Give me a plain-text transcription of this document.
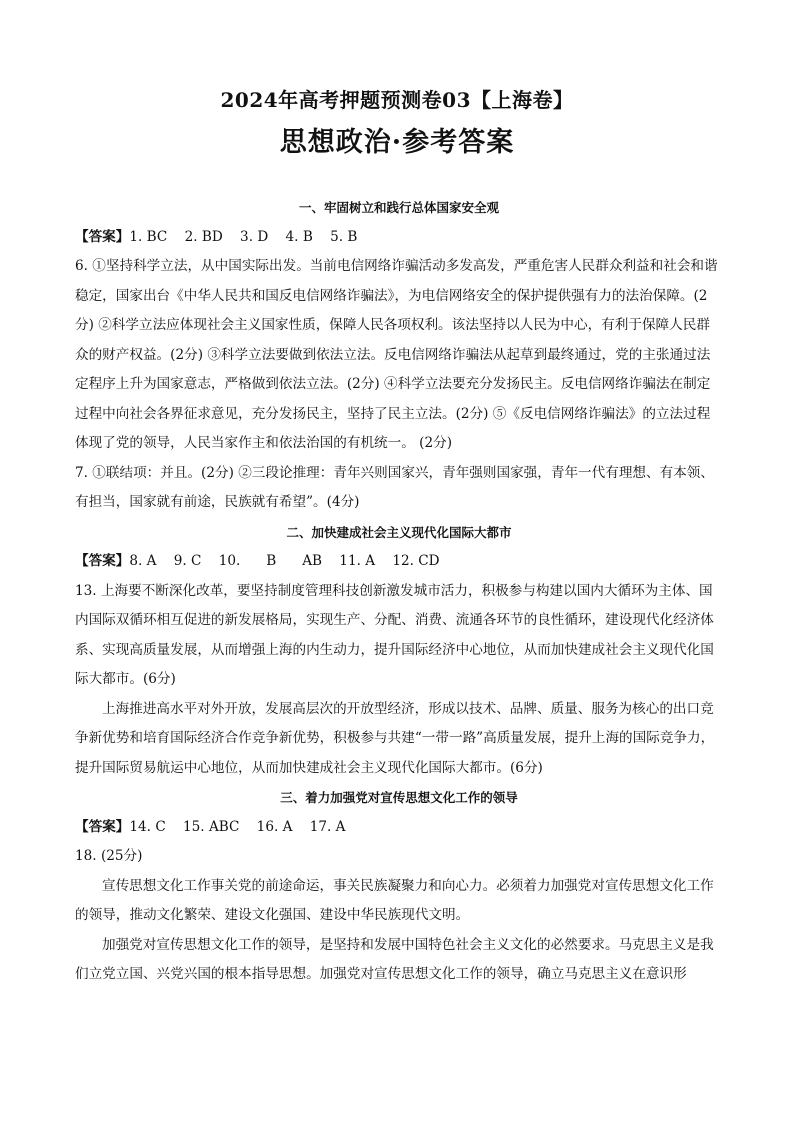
2024年高考押题预测卷03【上海卷】
思想政治·参考答案

一、牢固树立和践行总体国家安全观

【答案】1. BC    2. BD    3. D    4. B    5. B

6. ①坚持科学立法，从中国实际出发。当前电信网络诈骗活动多发高发，严重危害人民群众利益和社会和谐稳定，国家出台《中华人民共和国反电信网络诈骗法》，为电信网络安全的保护提供强有力的法治保障。(2分) ②科学立法应体现社会主义国家性质，保障人民各项权利。该法坚持以人民为中心，有利于保障人民群众的财产权益。(2分) ③科学立法要做到依法立法。反电信网络诈骗法从起草到最终通过，党的主张通过法定程序上升为国家意志，严格做到依法立法。(2分) ④科学立法要充分发扬民主。反电信网络诈骗法在制定过程中向社会各界征求意见，充分发扬民主，坚持了民主立法。(2分) ⑤《反电信网络诈骗法》的立法过程体现了党的领导，人民当家作主和依法治国的有机统一。 (2分)

7. ①联结项：并且。(2分) ②三段论推理：青年兴则国家兴，青年强则国家强，青年一代有理想、有本领、有担当，国家就有前途，民族就有希望”。(4分)

二、加快建成社会主义现代化国际大都市

【答案】8. A    9. C    10.      B      AB    11. A    12. CD

13. 上海要不断深化改革，要坚持制度管理科技创新激发城市活力，积极参与构建以国内大循环为主体、国内国际双循环相互促进的新发展格局，实现生产、分配、消费、流通各环节的良性循环，建设现代化经济体系、实现高质量发展，从而增强上海的内生动力，提升国际经济中心地位，从而加快建成社会主义现代化国际大都市。(6分)

上海推进高水平对外开放，发展高层次的开放型经济，形成以技术、品牌、质量、服务为核心的出口竞争新优势和培育国际经济合作竞争新优势，积极参与共建“一带一路”高质量发展，提升上海的国际竞争力，提升国际贸易航运中心地位，从而加快建成社会主义现代化国际大都市。(6分)

三、着力加强党对宣传思想文化工作的领导

【答案】14. C    15. ABC    16. A    17. A

18. (25分)

宣传思想文化工作事关党的前途命运，事关民族凝聚力和向心力。必须着力加强党对宣传思想文化工作的领导，推动文化繁荣、建设文化强国、建设中华民族现代文明。

加强党对宣传思想文化工作的领导，是坚持和发展中国特色社会主义文化的必然要求。马克思主义是我们立党立国、兴党兴国的根本指导思想。加强党对宣传思想文化工作的领导，确立马克思主义在意识形
